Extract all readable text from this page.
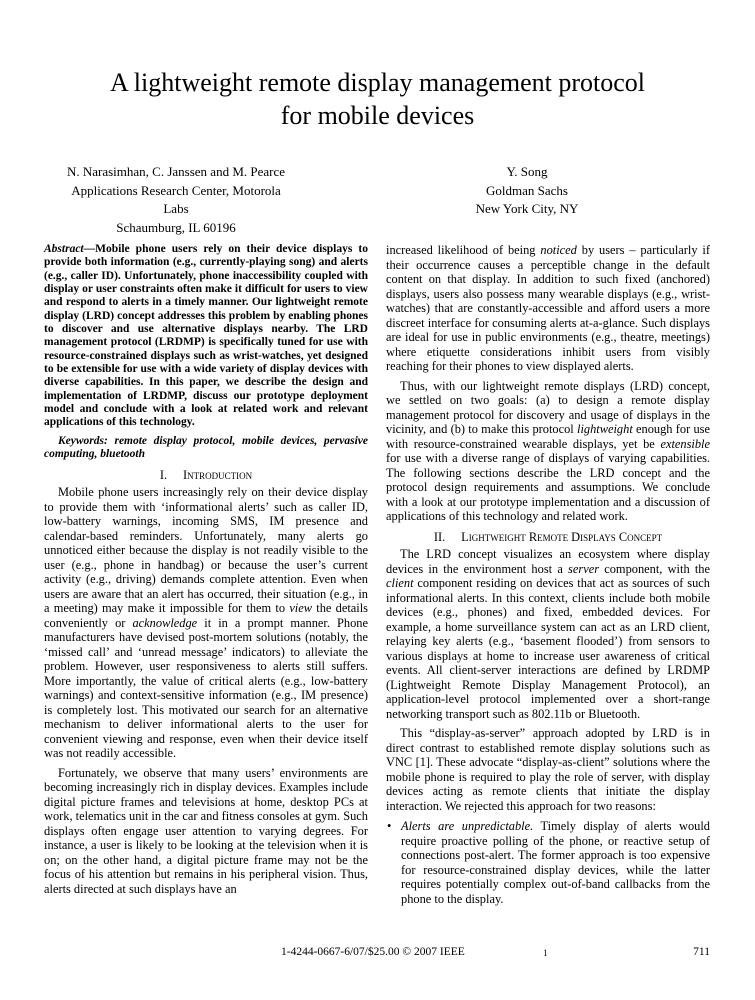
A lightweight remote display management protocol
for mobile devices
N. Narasimhan, C. Janssen and M. Pearce
Applications Research Center, Motorola Labs
Schaumburg, IL 60196
Y. Song
Goldman Sachs
New York City, NY

Abstract—Mobile phone users rely on their device displays to provide both information (e.g., currently-playing song) and alerts (e.g., caller ID). Unfortunately, phone inaccessibility coupled with display or user constraints often make it difficult for users to view and respond to alerts in a timely manner. Our lightweight remote display (LRD) concept addresses this problem by enabling phones to discover and use alternative displays nearby. The LRD management protocol (LRDMP) is specifically tuned for use with resource-constrained displays such as wrist-watches, yet designed to be extensible for use with a wide variety of display devices with diverse capabilities. In this paper, we describe the design and implementation of LRDMP, discuss our prototype deployment model and conclude with a look at related work and relevant applications of this technology.

Keywords: remote display protocol, mobile devices, pervasive computing, bluetooth

I. Introduction

Mobile phone users increasingly rely on their device display to provide them with ‘informational alerts’ such as caller ID, low-battery warnings, incoming SMS, IM presence and calendar-based reminders. Unfortunately, many alerts go unnoticed either because the display is not readily visible to the user (e.g., phone in handbag) or because the user’s current activity (e.g., driving) demands complete attention. Even when users are aware that an alert has occurred, their situation (e.g., in a meeting) may make it impossible for them to view the details conveniently or acknowledge it in a prompt manner. Phone manufacturers have devised post-mortem solutions (notably, the ‘missed call’ and ‘unread message’ indicators) to alleviate the problem. However, user responsiveness to alerts still suffers. More importantly, the value of critical alerts (e.g., low-battery warnings) and context-sensitive information (e.g., IM presence) is completely lost. This motivated our search for an alternative mechanism to deliver informational alerts to the user for convenient viewing and response, even when their device itself was not readily accessible.

Fortunately, we observe that many users’ environments are becoming increasingly rich in display devices. Examples include digital picture frames and televisions at home, desktop PCs at work, telematics unit in the car and fitness consoles at gym. Such displays often engage user attention to varying degrees. For instance, a user is likely to be looking at the television when it is on; on the other hand, a digital picture frame may not be the focus of his attention but remains in his peripheral vision. Thus, alerts directed at such displays have an

increased likelihood of being noticed by users – particularly if their occurrence causes a perceptible change in the default content on that display. In addition to such fixed (anchored) displays, users also possess many wearable displays (e.g., wrist-watches) that are constantly-accessible and afford users a more discreet interface for consuming alerts at-a-glance. Such displays are ideal for use in public environments (e.g., theatre, meetings) where etiquette considerations inhibit users from visibly reaching for their phones to view displayed alerts.

Thus, with our lightweight remote displays (LRD) concept, we settled on two goals: (a) to design a remote display management protocol for discovery and usage of displays in the vicinity, and (b) to make this protocol lightweight enough for use with resource-constrained wearable displays, yet be extensible for use with a diverse range of displays of varying capabilities. The following sections describe the LRD concept and the protocol design requirements and assumptions. We conclude with a look at our prototype implementation and a discussion of applications of this technology and related work.

II. Lightweight Remote Displays Concept

The LRD concept visualizes an ecosystem where display devices in the environment host a server component, with the client component residing on devices that act as sources of such informational alerts. In this context, clients include both mobile devices (e.g., phones) and fixed, embedded devices. For example, a home surveillance system can act as an LRD client, relaying key alerts (e.g., ‘basement flooded’) from sensors to various displays at home to increase user awareness of critical events. All client-server interactions are defined by LRDMP (Lightweight Remote Display Management Protocol), an application-level protocol implemented over a short-range networking transport such as 802.11b or Bluetooth.

This “display-as-server” approach adopted by LRD is in direct contrast to established remote display solutions such as VNC [1]. These advocate “display-as-client” solutions where the mobile phone is required to play the role of server, with display devices acting as remote clients that initiate the display interaction. We rejected this approach for two reasons:

• Alerts are unpredictable. Timely display of alerts would require proactive polling of the phone, or reactive setup of connections post-alert. The former approach is too expensive for resource-constrained display devices, while the latter requires potentially complex out-of-band callbacks from the phone to the display.

1-4244-0667-6/07/$25.00 © 2007 IEEE	1	711
